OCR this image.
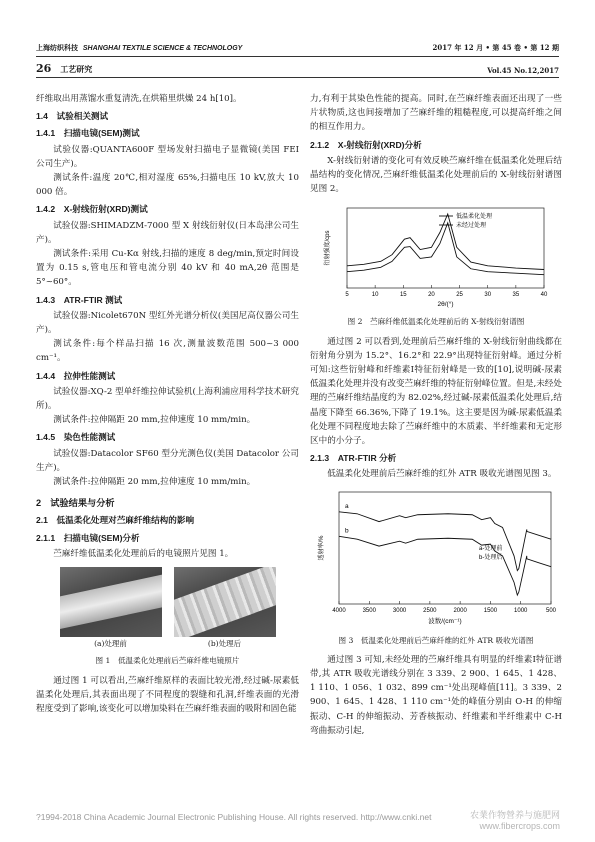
上海纺织科技 SHANGHAI TEXTILE SCIENCE & TECHNOLOGY	2017 年 12 月 • 第 45 卷 • 第 12 期
26 工艺研究	Vol.45 No.12,2017

纤维取出用蒸馏水重复清洗,在烘箱里烘燥 24 h[10]。

1.4　试验相关测试
1.4.1　扫描电镜(SEM)测试

试验仪器:QUANTA600F 型场发射扫描电子显微镜(美国 FEI 公司生产)。

测试条件:温度 20℃,相对湿度 65%,扫描电压 10 kV,放大 10 000 倍。

1.4.2　X-射线衍射(XRD)测试

试验仪器:SHIMADZM-7000 型 X 射线衍射仪(日本岛津公司生产)。

测试条件:采用 Cu-Kα 射线,扫描的速度 8 deg/min,预定时间设置为 0.15 s,管电压和管电流分别 40 kV 和 40 mA,2θ 范围是 5°~60°。

1.4.3　ATR-FTIR 测试

试验仪器:Nicolet670N 型红外光谱分析仪(美国尼高仪器公司生产)。

测试条件:每个样品扫描 16 次,测量波数范围 500~3 000 cm⁻¹。

1.4.4　拉伸性能测试

试验仪器:XQ-2 型单纤维拉伸试验机(上海利浦应用科学技术研究所)。

测试条件:拉伸隔距 20 mm,拉伸速度 10 mm/min。

1.4.5　染色性能测试

试验仪器:Datacolor SF60 型分光测色仪(美国 Datacolor 公司生产)。

测试条件:拉伸隔距 20 mm,拉伸速度 10 mm/min。

2　试验结果与分析
2.1　低温柔化处理对苎麻纤维结构的影响
2.1.1　扫描电镜(SEM)分析

苎麻纤维低温柔化处理前后的电镜照片见图 1。

(a)处理前	(b)处理后
图 1　低温柔化处理前后苎麻纤维电镜照片

通过图 1 可以看出,苎麻纤维原样的表面比较光滑,经过碱-尿素低温柔化处理后,其表面出现了不同程度的裂缝和孔洞,纤维表面的光滑程度受到了影响,该变化可以增加染料在苎麻纤维表面的吸附和固色能

力,有利于其染色性能的提高。同时,在苎麻纤维表面还出现了一些片状物质,这也间接增加了苎麻纤维的粗糙程度,可以提高纤维之间的相互作用力。

2.1.2　X-射线衍射(XRD)分析

X-射线衍射谱的变化可有效反映苎麻纤维在低温柔化处理后结晶结构的变化情况,苎麻纤维低温柔化处理前后的 X-射线衍射谱图见图 2。

5	10	15	20	25	30	35	40
2θ/(°)
衍射强度/cps
低温柔化处理
未经过处理
图 2　苎麻纤维低温柔化处理前后的 X-射线衍射谱图

通过图 2 可以看到,处理前后苎麻纤维的 X-射线衍射曲线都在衍射角分别为 15.2°、16.2°和 22.9°出现特征衍射峰。通过分析可知:这些衍射峰和纤维素Ⅰ特征衍射峰是一致的[10],说明碱-尿素低温柔化处理并没有改变苎麻纤维的特征衍射峰位置。但是,未经处理的苎麻纤维结晶度约为 82.02%,经过碱-尿素低温柔化处理后,结晶度下降至 66.36%,下降了 19.1%。这主要是因为碱-尿素低温柔化处理不同程度地去除了苎麻纤维中的木质素、半纤维素和无定形区中的小分子。

2.1.3　ATR-FTIR 分析

低温柔化处理前后苎麻纤维的红外 ATR 吸收光谱图见图 3。

4000	3500	3000	2500	2000	1500	1000	500
波数/(cm⁻¹)
透射率/%
a
a-处理前
b
b-处理后
图 3　低温柔化处理前后苎麻纤维的红外 ATR 吸收光谱图

通过图 3 可知,未经处理的苎麻纤维具有明显的纤维素Ⅰ特征谱带,其 ATR 吸收光谱线分别在 3 339、2 900、1 645、1 428、1 110、1 056、1 032、899 cm⁻¹处出现峰值[11]。3 339、2 900、1 645、1 428、1 110 cm⁻¹处的峰值分别由 O-H 的伸缩振动、C-H 的伸缩振动、芳香核振动、纤维素和半纤维素中 C-H 弯曲振动引起,

?1994-2018 China Academic Journal Electronic Publishing House. All rights reserved. http://www.cnki.net	农業作物營养与施肥网
www.fibercrops.com
